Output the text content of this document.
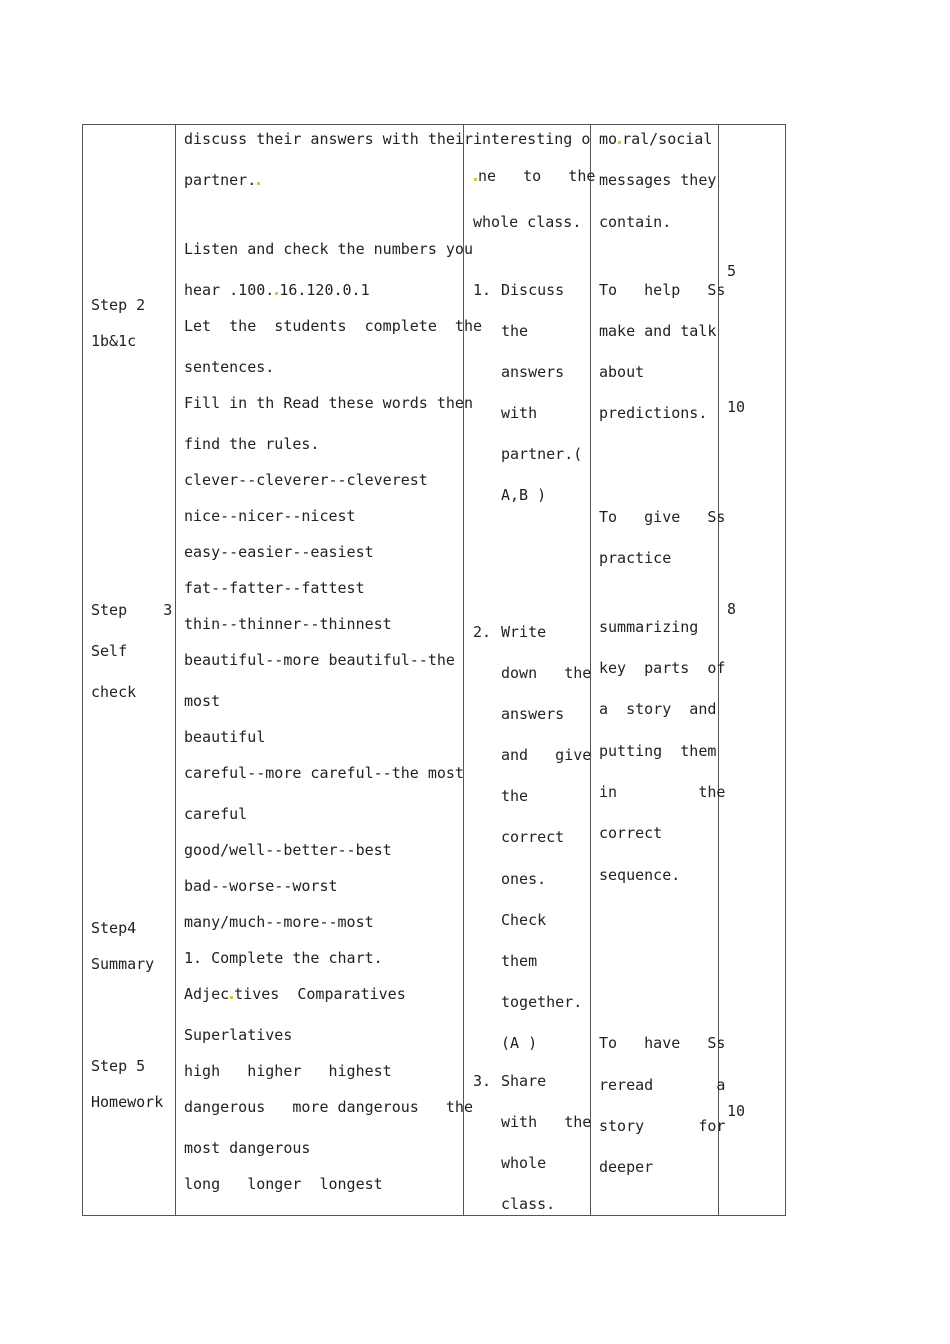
Step 2
1b&1c
Step    3
Self
check
Step4
Summary
Step 5
Homework
discuss their answers with their
partner.
Listen and check the numbers you
hear .100. 16.120.0.1
Let  the  students  complete  the
sentences.
Fill in th Read these words then
find the rules.
clever--cleverer--cleverest
nice--nicer--nicest
easy--easier--easiest
fat--fatter--fattest
thin--thinner--thinnest
beautiful--more beautiful--the
most
beautiful
careful--more careful--the most
careful
good/well--better--best
bad--worse--worst
many/much--more--most
1. Complete the chart.
Adjec tives  Comparatives
Superlatives
high   higher   highest
dangerous   more dangerous   the
most dangerous
long   longer  longest
interesting o
ne   to   the
whole class.
1. Discuss
the
answers
with
partner.(
A,B )
2. Write
down   the
answers
and   give
the
correct
ones.
Check
them
together.
(A )
3. Share
with   the
whole
class.
mo ral/social
messages they
contain.
To   help   Ss
make and talk
about
predictions.
To   give   Ss
practice
summarizing
key  parts  of
a  story  and
putting  them
in         the
correct
sequence.
To   have   Ss
reread       a
story      for
deeper
5
10
8
10
